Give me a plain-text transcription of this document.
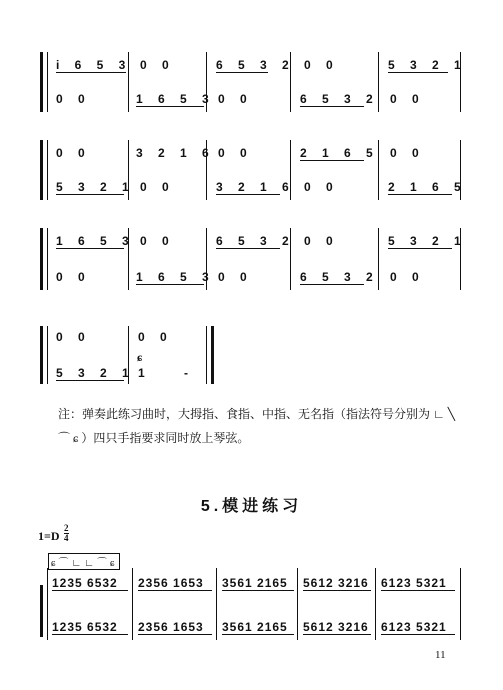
i 6 5 3 0 0	6 5 3 2 0 0	5 3 2 1
0 0	1 6 5 3 0 0	6 5 3 2 0 0
0 0	3 2 1 6 0 0	2 1 6 5 0 0
5 3 2 1 0 0	3 2 1 6 0 0	2 1 6 5
1 6 5 3 0 0	6 5 3 2 0 0	5 3 2 1
0 0	1 6 5 3 0 0	6 5 3 2 0 0
0 0	0 0
5 3 2 1 1 -
ɕ
注：弹奏此练习曲时，大拇指、食指、中指、无名指（指法符号分别为 ∟ ╲ ⌒ ɕ ）四只手指要求同时放上琴弦。
5.模进练习
$1=D \frac{2}{4}$
ɕ⌒∟∟⌒ɕ
1235 6532 2356 1653 3561 2165 5612 3216 6123 5321
1235 6532 2356 1653 3561 2165 5612 3216 6123 5321
11
